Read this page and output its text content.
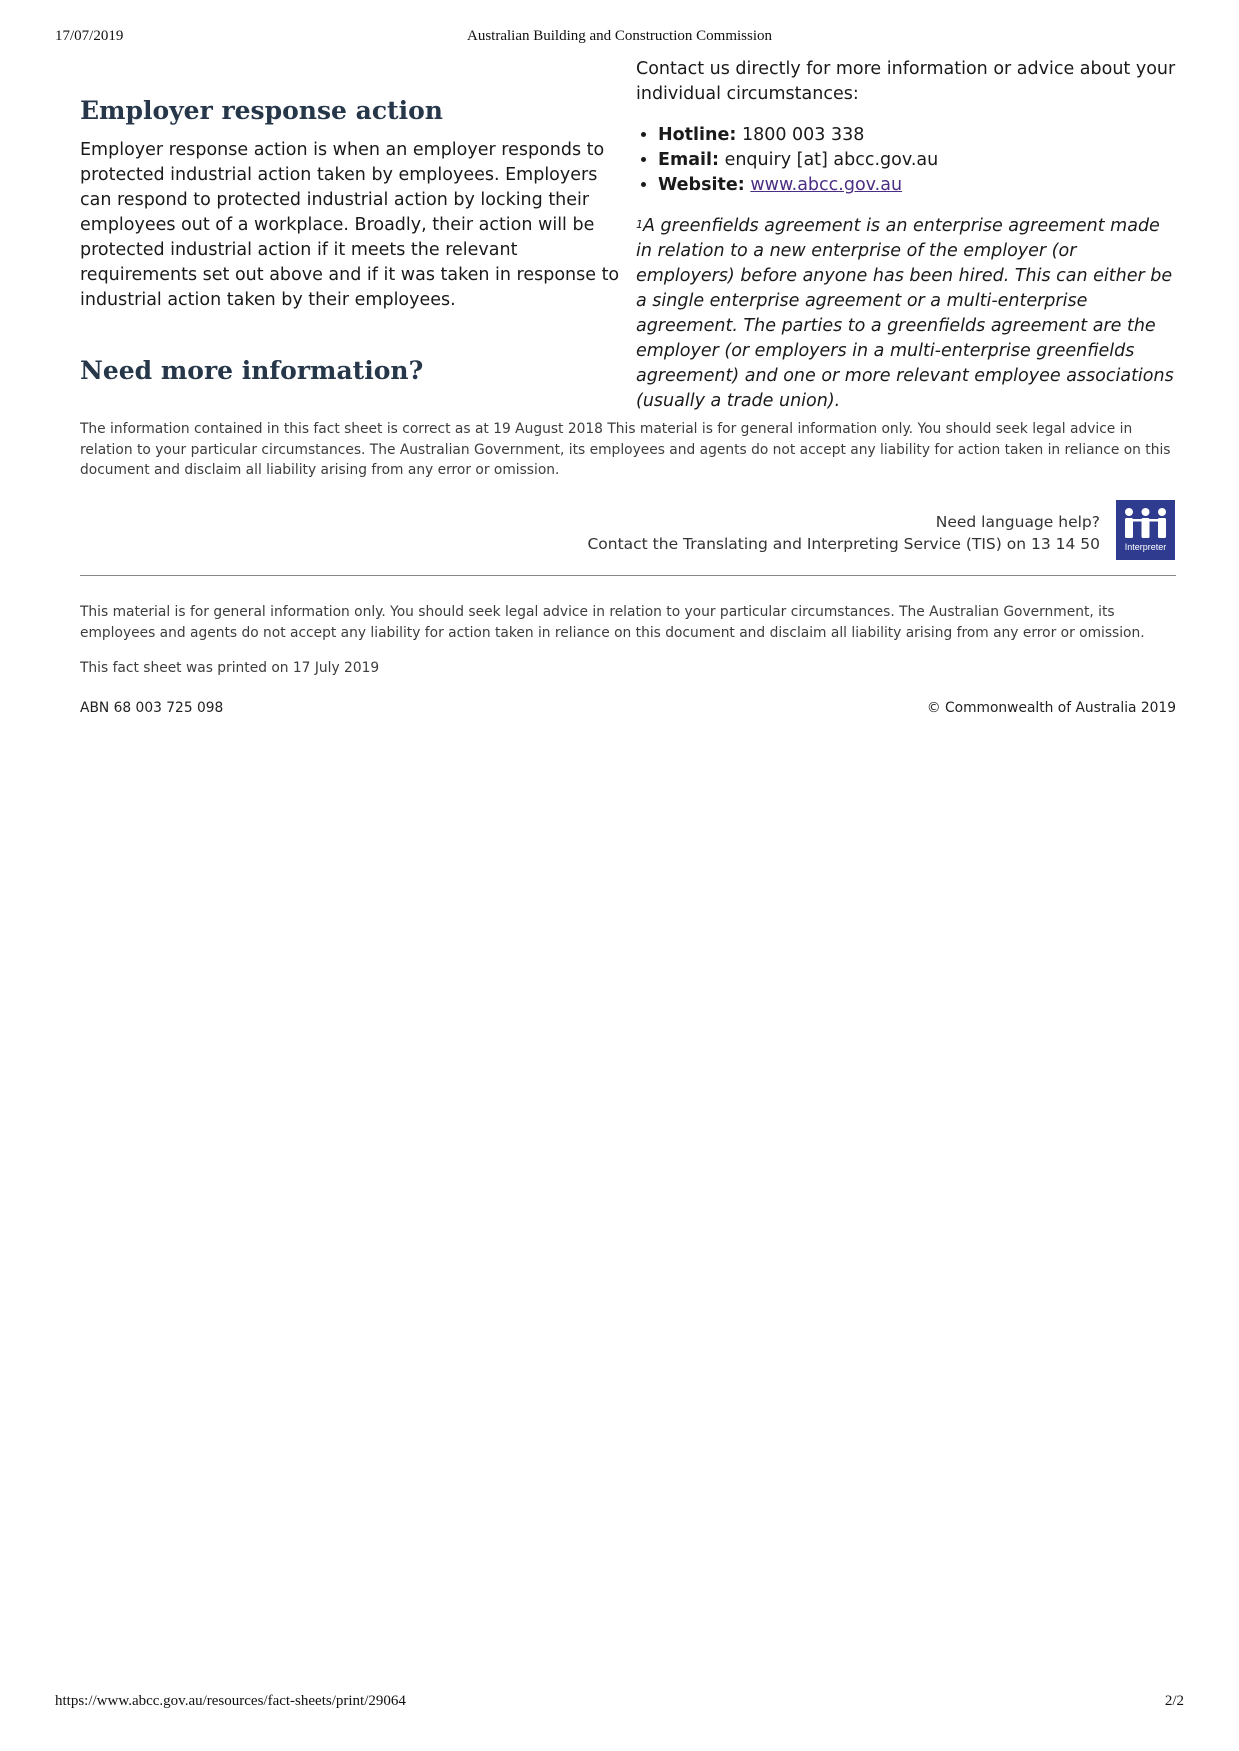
17/07/2019	Australian Building and Construction Commission
Employer response action

Employer response action is when an employer responds to protected industrial action taken by employees. Employers can respond to protected industrial action by locking their employees out of a workplace. Broadly, their action will be protected industrial action if it meets the relevant requirements set out above and if it was taken in response to industrial action taken by their employees.

Need more information?

Contact us directly for more information or advice about your individual circumstances:

• Hotline: 1800 003 338
• Email: enquiry [at] abcc.gov.au
• Website: www.abcc.gov.au

$^1$A greenfields agreement is an enterprise agreement made in relation to a new enterprise of the employer (or employers) before anyone has been hired. This can either be a single enterprise agreement or a multi-enterprise agreement. The parties to a greenfields agreement are the employer (or employers in a multi-enterprise greenfields agreement) and one or more relevant employee associations (usually a trade union).

The information contained in this fact sheet is correct as at 19 August 2018 This material is for general information only. You should seek legal advice in relation to your particular circumstances. The Australian Government, its employees and agents do not accept any liability for action taken in reliance on this document and disclaim all liability arising from any error or omission.

Need language help?
Contact the Translating and Interpreting Service (TIS) on 13 14 50	Interpreter

This material is for general information only. You should seek legal advice in relation to your particular circumstances. The Australian Government, its employees and agents do not accept any liability for action taken in reliance on this document and disclaim all liability arising from any error or omission.

This fact sheet was printed on 17 July 2019

ABN 68 003 725 098	© Commonwealth of Australia 2019
https://www.abcc.gov.au/resources/fact-sheets/print/29064	2/2
